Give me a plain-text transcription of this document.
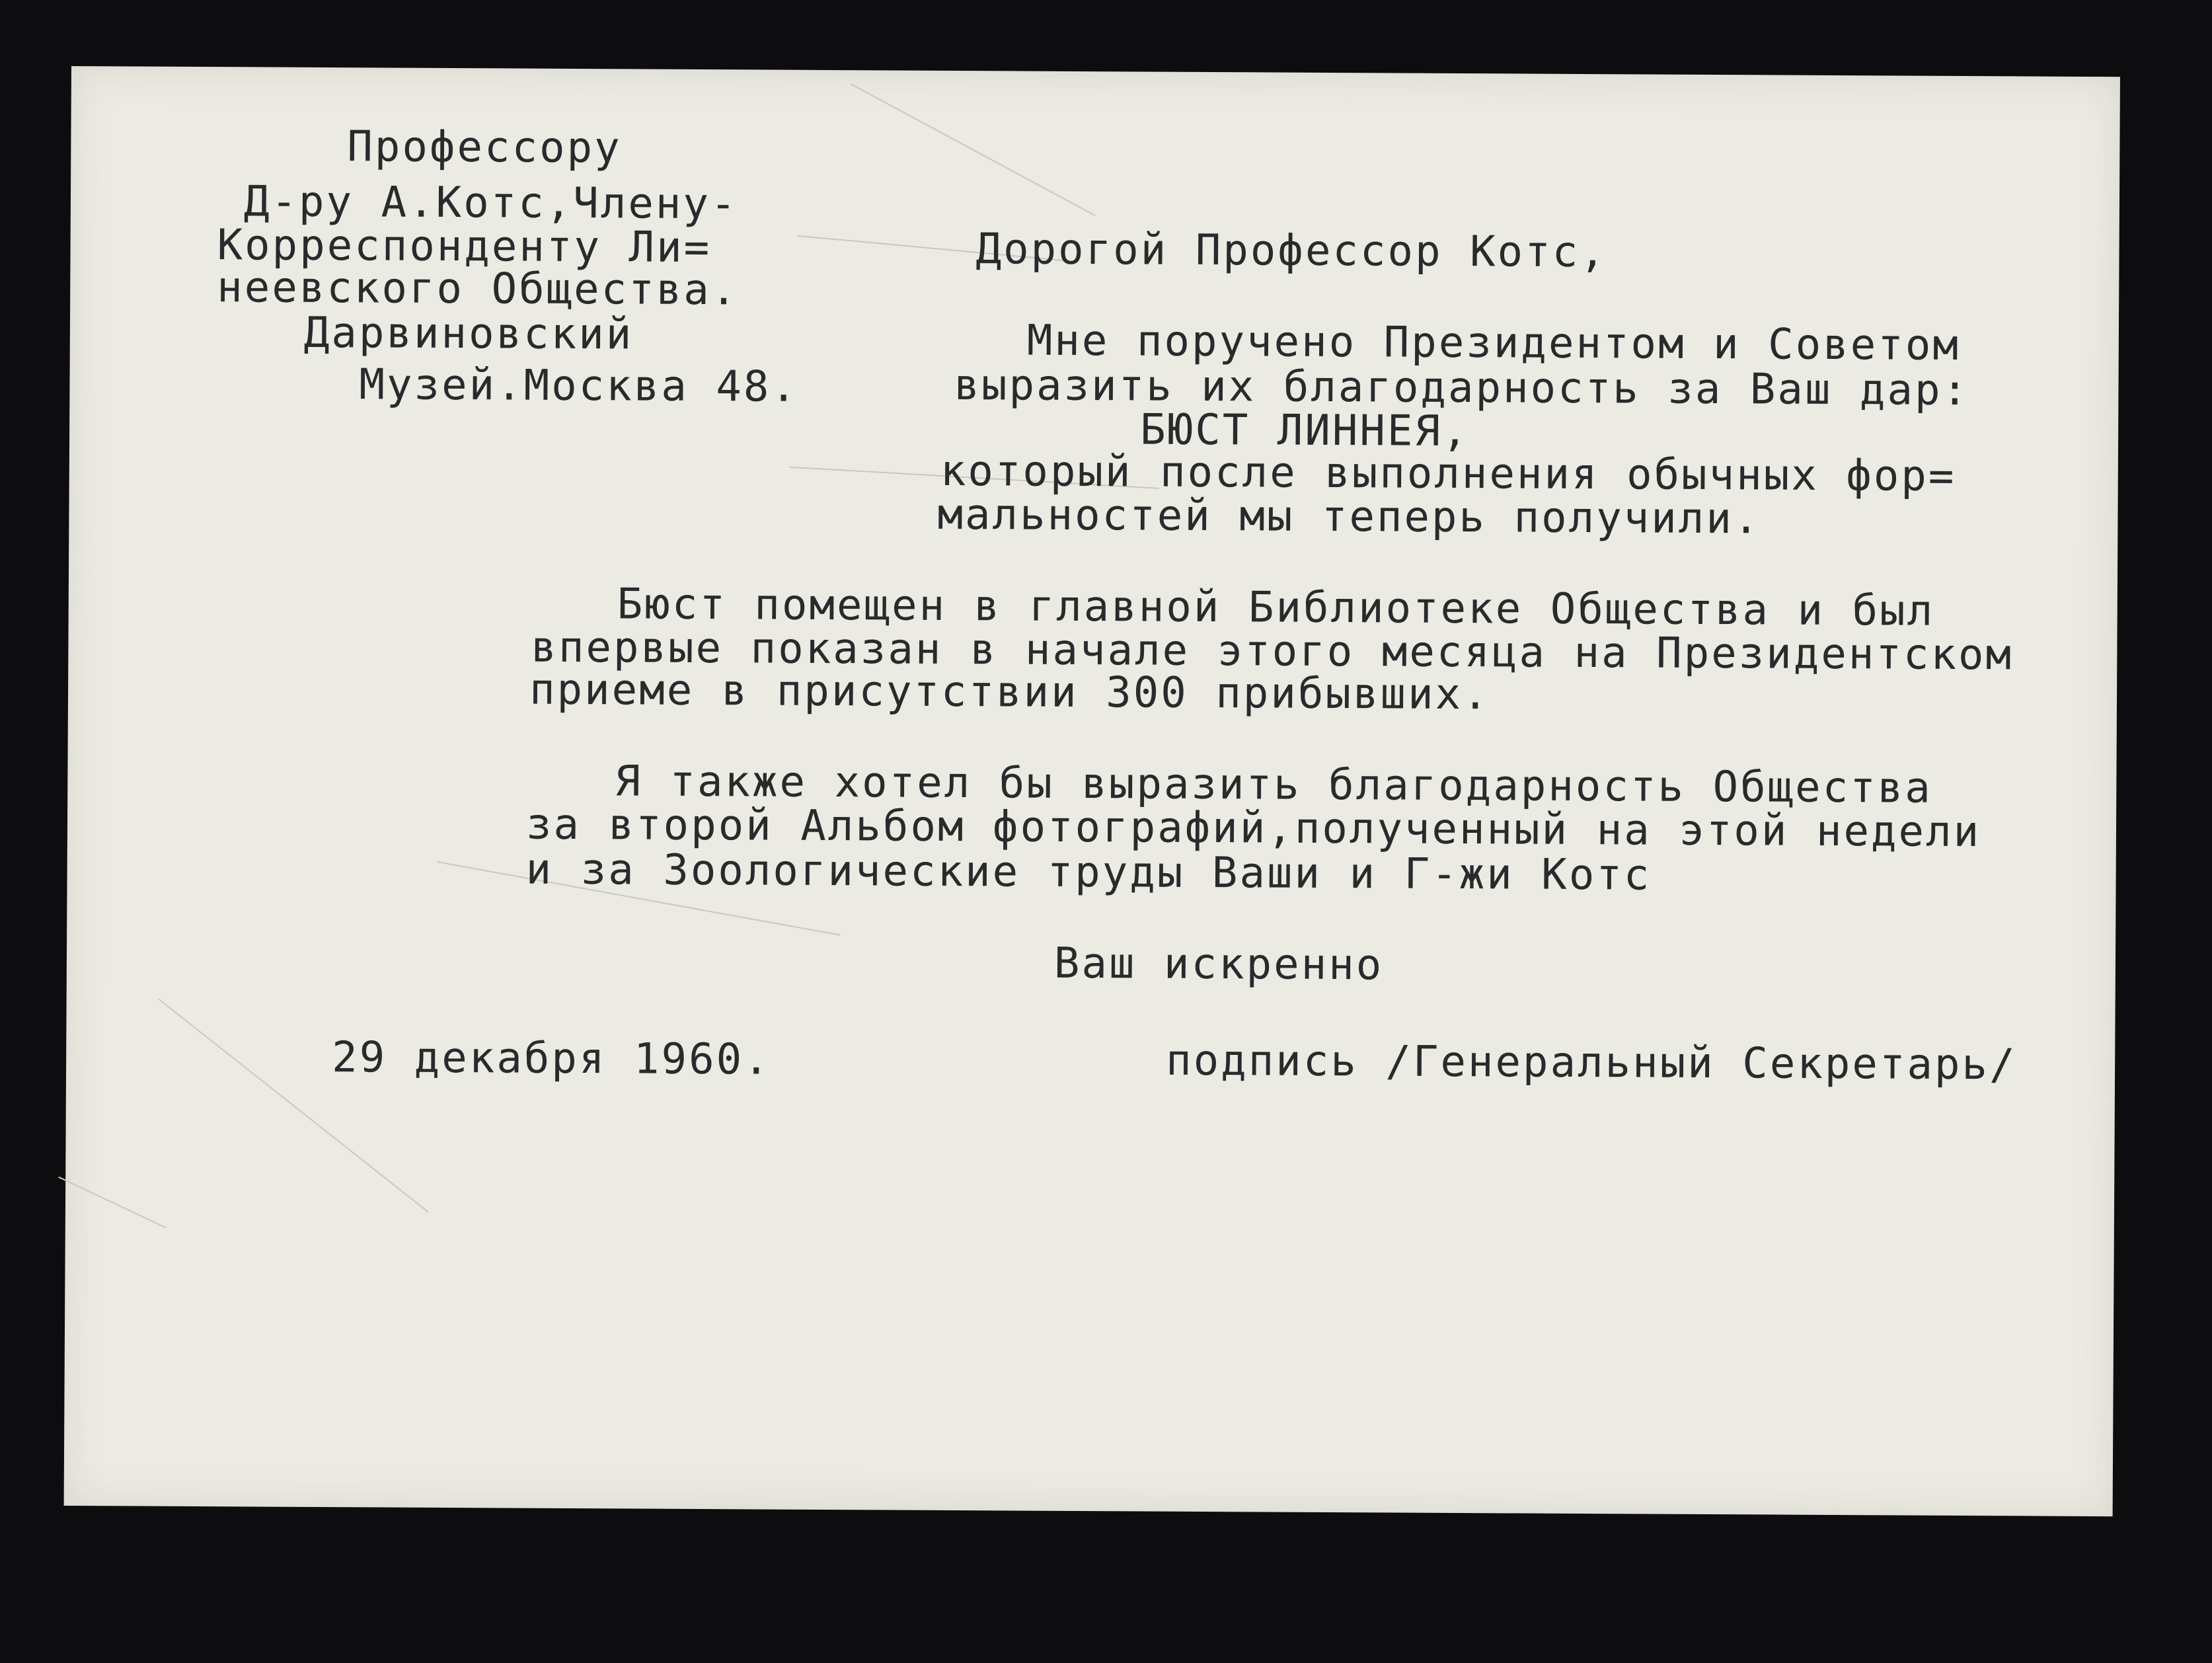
Профессору
Д-ру А.Котс,Члену-
Корреспонденту Ли=
неевского Общества.
Дарвиновский
Музей.Москва 48.
Дорогой Профессор Котс,
Мне поручено Президентом и Советом
выразить их благодарность за Ваш дар:
БЮСТ ЛИННЕЯ,
который после выполнения обычных фор=
мальностей мы теперь получили.
Бюст помещен в главной Библиотеке Общества и был
впервые показан в начале этого месяца на Президентском
приеме в присутствии 300 прибывших.
Я также хотел бы выразить благодарность Общества
за второй Альбом фотографий,полученный на этой недели
и за Зоологические труды Ваши и Г-жи Котс
Ваш искренно
29 декабря 1960.	подпись /Генеральный Секретарь/
